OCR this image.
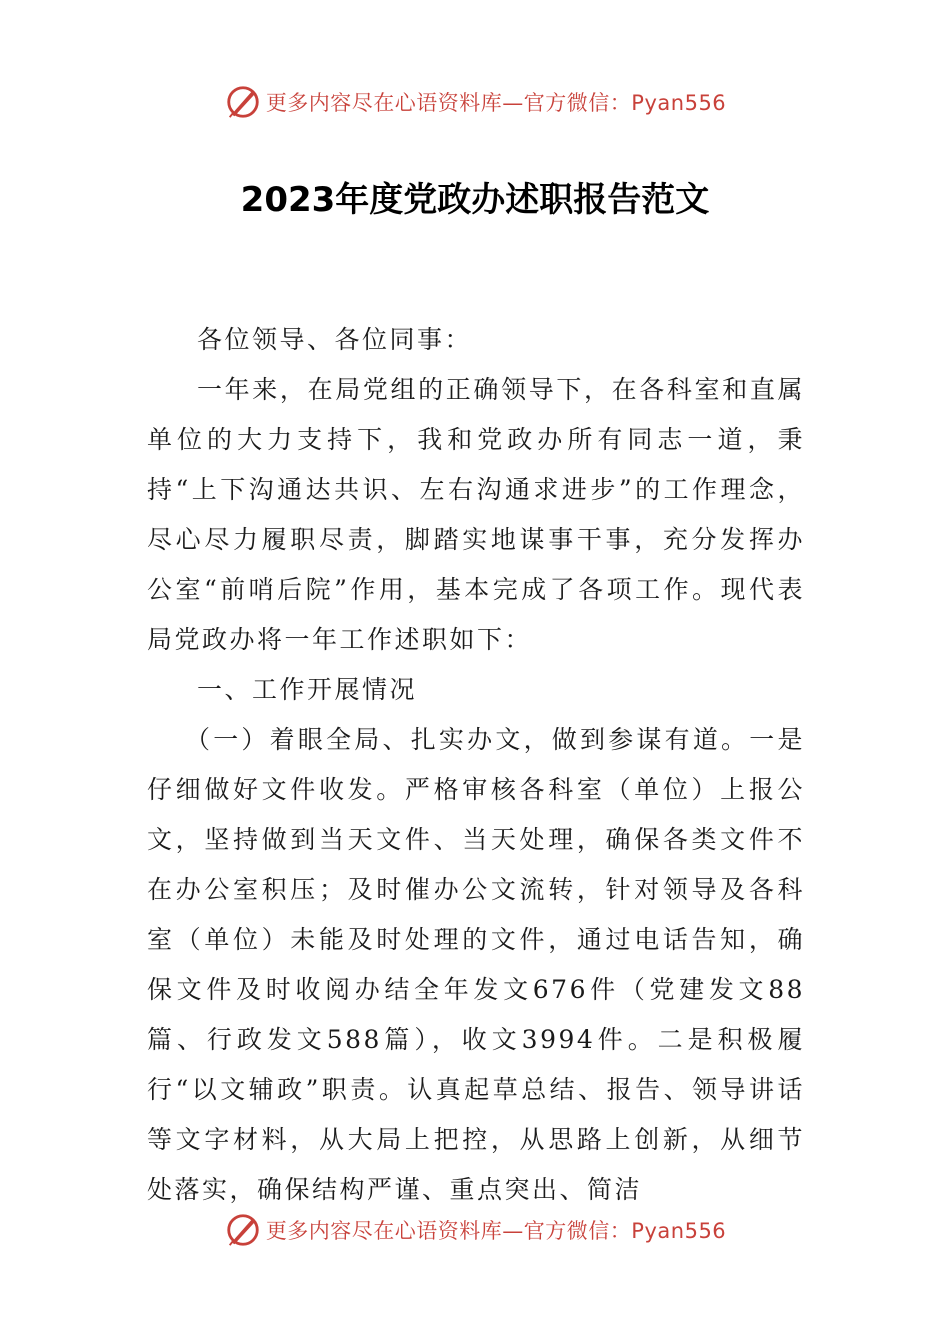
更多内容尽在心语资料库—官方微信：Pyan556
2023年度党政办述职报告范文

各位领导、各位同事：

一年来，在局党组的正确领导下，在各科室和直属单位的大力支持下，我和党政办所有同志一道，秉持“上下沟通达共识、左右沟通求进步”的工作理念，尽心尽力履职尽责，脚踏实地谋事干事，充分发挥办公室“前哨后院”作用，基本完成了各项工作。现代表局党政办将一年工作述职如下：

一、工作开展情况

（一）着眼全局、扎实办文，做到参谋有道。一是仔细做好文件收发。严格审核各科室（单位）上报公文，坚持做到当天文件、当天处理，确保各类文件不在办公室积压；及时催办公文流转，针对领导及各科室（单位）未能及时处理的文件，通过电话告知，确保文件及时收阅办结全年发文676件（党建发文88篇、行政发文588篇），收文3994件。二是积极履行“以文辅政”职责。认真起草总结、报告、领导讲话等文字材料，从大局上把控，从思路上创新，从细节处落实，确保结构严谨、重点突出、简洁

更多内容尽在心语资料库—官方微信：Pyan556
